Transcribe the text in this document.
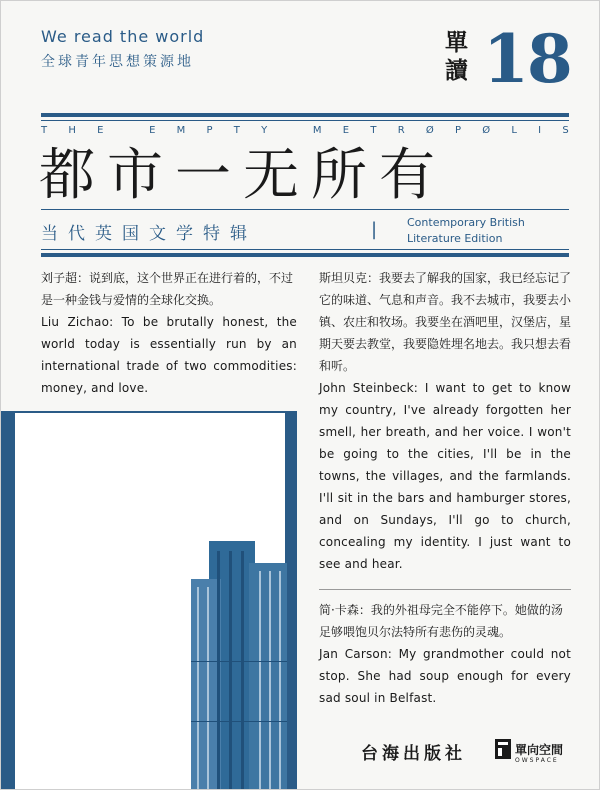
We read the world
全球青年思想策源地
單讀 18
T H E
	E M P T Y
	M E T R Ø P Ø L I S
都市一无所有
当代英国文学特辑	|	Contemporary British
Literature Edition

刘子超：说到底，这个世界正在进行着的，不过是一种金钱与爱情的全球化交换。

Liu Zichao: To be brutally honest, the world today is essentially run by an international trade of two commodities: money, and love.

斯坦贝克：我要去了解我的国家，我已经忘记了它的味道、气息和声音。我不去城市，我要去小镇、农庄和牧场。我要坐在酒吧里，汉堡店，星期天要去教堂，我要隐姓埋名地去。我只想去看和听。

John Steinbeck: I want to get to know my country, I've already forgotten her smell, her breath, and her voice. I won't be going to the cities, I'll be in the towns, the villages, and the farmlands. I'll sit in the bars and hamburger stores, and on Sundays, I'll go to church, concealing my identity. I just want to see and hear.

简·卡森：我的外祖母完全不能停下。她做的汤足够喂饱贝尔法特所有悲伤的灵魂。

Jan Carson: My grandmother could not stop. She had soup enough for every sad soul in Belfast.

台海出版社	單向空間
OWSPACE
